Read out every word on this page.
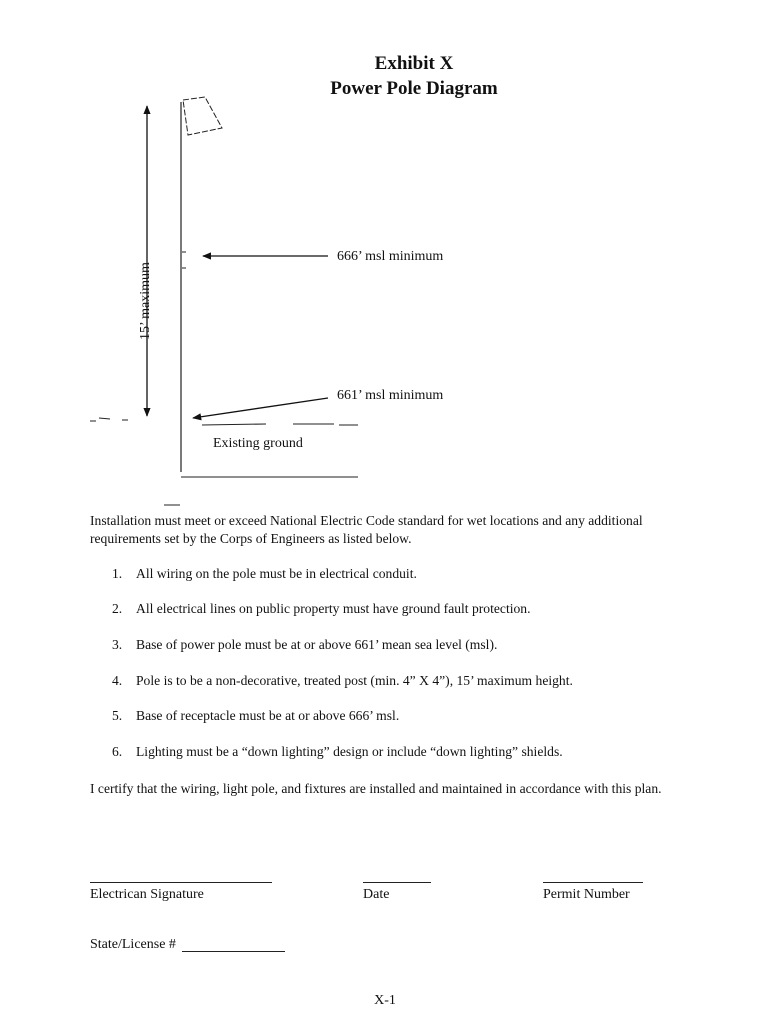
Exhibit X
Power Pole Diagram
666’ msl minimum
661’ msl minimum
Existing ground
15’ maximum
Installation must meet or exceed National Electric Code standard for wet locations and any additional requirements set by the Corps of Engineers as listed below.
1. All wiring on the pole must be in electrical conduit.
2. All electrical lines on public property must have ground fault protection.
3. Base of power pole must be at or above 661’ mean sea level (msl).
4. Pole is to be a non-decorative, treated post (min. 4” X 4”), 15’ maximum height.
5. Base of receptacle must be at or above 666’ msl.
6. Lighting must be a “down lighting” design or include “down lighting” shields.
I certify that the wiring, light pole, and fixtures are installed and maintained in accordance with this plan.
Electrican Signature	Date	Permit Number
State/License #
X-1
